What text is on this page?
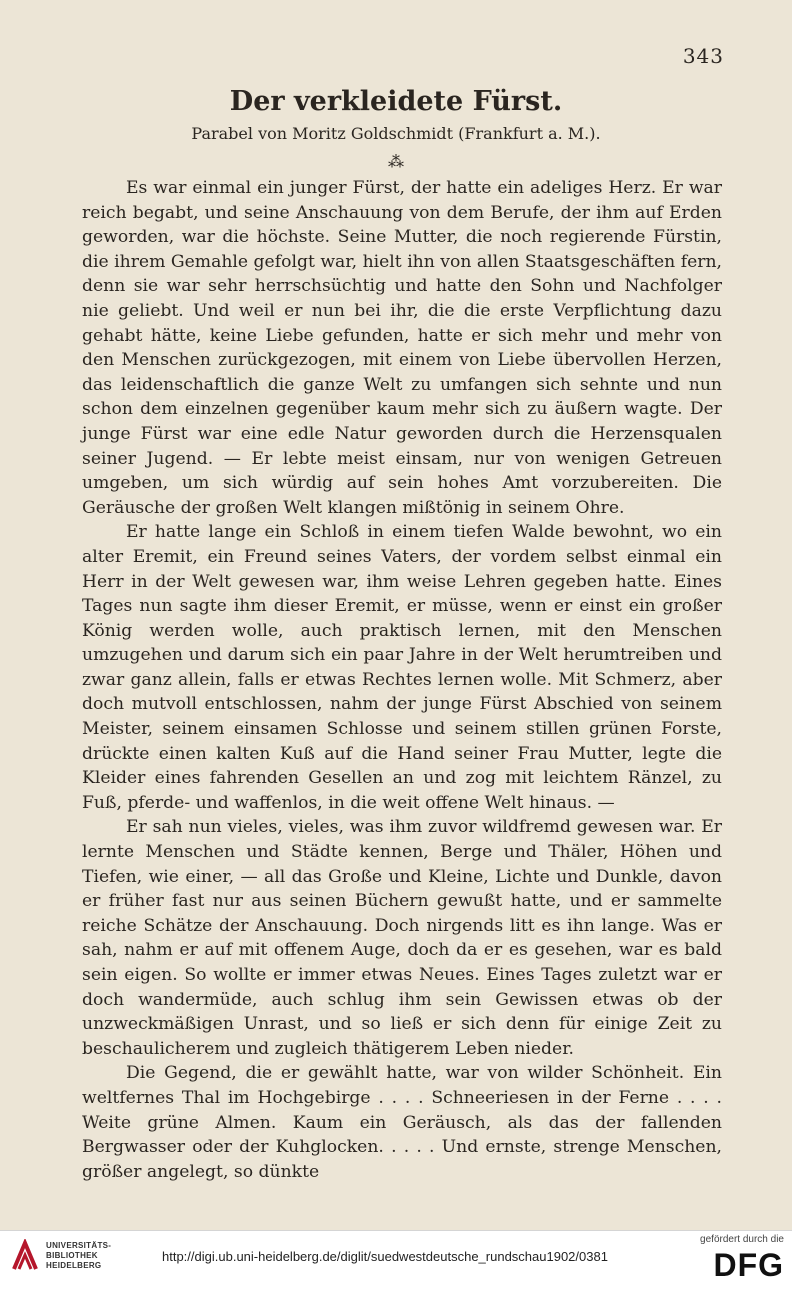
343
Der verkleidete Fürst.
Parabel von Moritz Goldschmidt (Frankfurt a. M.).
⁂

Es war einmal ein junger Fürst, der hatte ein adeliges Herz. Er war reich begabt, und seine Anschauung von dem Berufe, der ihm auf Erden geworden, war die höchste. Seine Mutter, die noch regierende Fürstin, die ihrem Gemahle gefolgt war, hielt ihn von allen Staatsgeschäften fern, denn sie war sehr herrschsüchtig und hatte den Sohn und Nachfolger nie geliebt. Und weil er nun bei ihr, die die erste Verpflichtung dazu gehabt hätte, keine Liebe gefunden, hatte er sich mehr und mehr von den Menschen zurückgezogen, mit einem von Liebe übervollen Herzen, das leidenschaftlich die ganze Welt zu umfangen sich sehnte und nun schon dem einzelnen gegenüber kaum mehr sich zu äußern wagte. Der junge Fürst war eine edle Natur geworden durch die Herzensqualen seiner Jugend. — Er lebte meist einsam, nur von wenigen Getreuen umgeben, um sich würdig auf sein hohes Amt vorzubereiten. Die Geräusche der großen Welt klangen mißtönig in seinem Ohre.

Er hatte lange ein Schloß in einem tiefen Walde bewohnt, wo ein alter Eremit, ein Freund seines Vaters, der vordem selbst einmal ein Herr in der Welt gewesen war, ihm weise Lehren gegeben hatte. Eines Tages nun sagte ihm dieser Eremit, er müsse, wenn er einst ein großer König werden wolle, auch praktisch lernen, mit den Menschen umzugehen und darum sich ein paar Jahre in der Welt herumtreiben und zwar ganz allein, falls er etwas Rechtes lernen wolle. Mit Schmerz, aber doch mutvoll entschlossen, nahm der junge Fürst Abschied von seinem Meister, seinem einsamen Schlosse und seinem stillen grünen Forste, drückte einen kalten Kuß auf die Hand seiner Frau Mutter, legte die Kleider eines fahrenden Gesellen an und zog mit leichtem Ränzel, zu Fuß, pferde- und waffenlos, in die weit offene Welt hinaus. —

Er sah nun vieles, vieles, was ihm zuvor wildfremd gewesen war. Er lernte Menschen und Städte kennen, Berge und Thäler, Höhen und Tiefen, wie einer, — all das Große und Kleine, Lichte und Dunkle, davon er früher fast nur aus seinen Büchern gewußt hatte, und er sammelte reiche Schätze der Anschauung. Doch nirgends litt es ihn lange. Was er sah, nahm er auf mit offenem Auge, doch da er es gesehen, war es bald sein eigen. So wollte er immer etwas Neues. Eines Tages zuletzt war er doch wandermüde, auch schlug ihm sein Gewissen etwas ob der unzweckmäßigen Unrast, und so ließ er sich denn für einige Zeit zu beschaulicherem und zugleich thätigerem Leben nieder.

Die Gegend, die er gewählt hatte, war von wilder Schönheit. Ein weltfernes Thal im Hochgebirge . . . . Schneeriesen in der Ferne . . . . Weite grüne Almen. Kaum ein Geräusch, als das der fallenden Bergwasser oder der Kuhglocken. . . . . Und ernste, strenge Menschen, größer angelegt, so dünkte

UNIVERSITÄTS-
BIBLIOTHEK
HEIDELBERG
http://digi.ub.uni-heidelberg.de/diglit/suedwestdeutsche_rundschau1902/0381
gefördert durch die
DFG
